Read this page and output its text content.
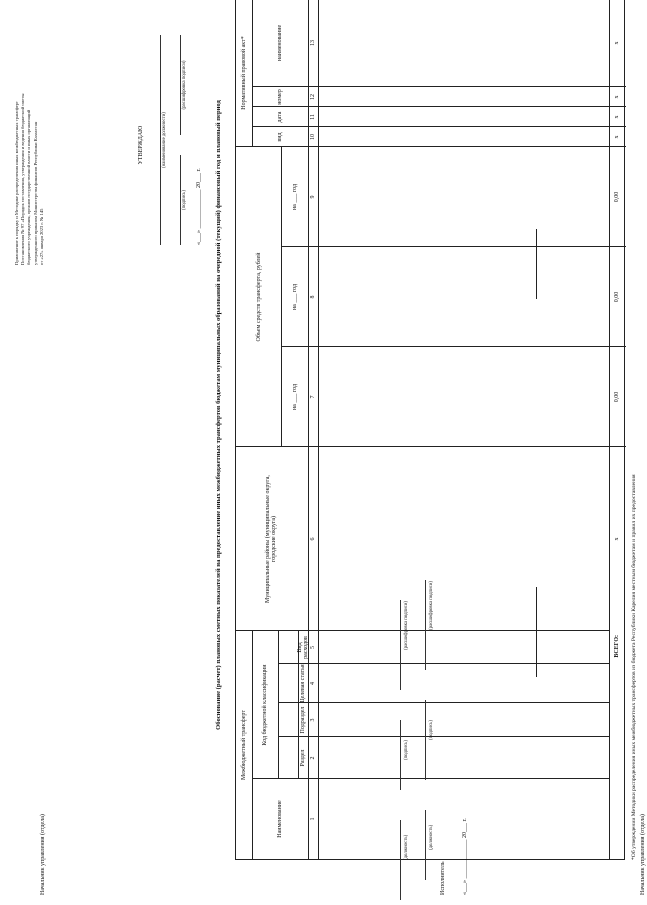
Приложение к порядку и Методике распределения иных межбюджетных трансферт Постановления № 97 «Порядок составления, утверждения и ведения бюджетной сметы бюджетного учреждения, органов государственной власти и иных организаций утвержденного приказом Министерства финансов Республики Казахстан от «27» января 2023 г. № 145
УТВЕРЖДАЮ	(наименование должности)
(подпись)
(расшифровка подписи)
«___» _____________ 20___ г. Обоснование (расчет) плановых сметных показателей на предоставление иных межбюджетных трансфертов бюджетам муниципальных образований на очередной (текущий) финансовый год и плановый период
Межбюджетный трансферт
Наименование
Код бюджетной классификации
Раздел
Подраздел
Целевая статья
Вид расходов
Муниципальные районы (муниципальные округа, городские округа)
Объем средств трансферта, рублей
на ___ год
на ___ год
на ___ год
Нормативный правовой акт*
вид
дата
номер
наименование
1
2
3
4
5
6
7
8
9
10
11
12
13
ВСЕГО:
x
0,00
0,00
0,00
x
x
x
x
*Об утверждении Методики распределения иных межбюджетных трансфертов из бюджета Республики Карелия местным бюджетам и правил их предоставления Начальник управления (отдела)
Начальник управления (отдела)	(должность)
(подпись)
(расшифровка подписи)
Исполнитель
(должность)
(подпись)
(расшифровка подписи)
«___» _____________ 20___ г.
